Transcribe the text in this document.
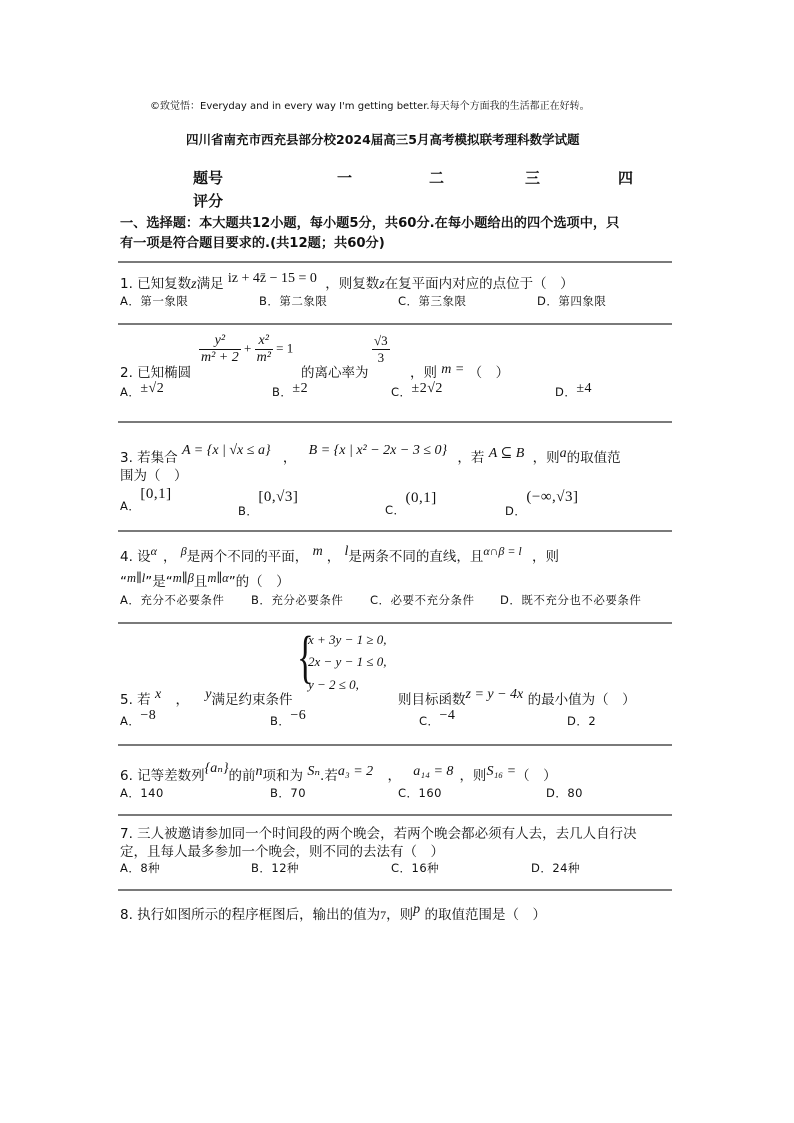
©致觉悟：Everyday and in every way I'm getting better.每天每个方面我的生活都正在好转。
四川省南充市西充县部分校2024届高三5月高考模拟联考理科数学试题
题号	一	二	三	四
评分
一、选择题：本大题共12小题，每小题5分，共60分.在每小题给出的四个选项中，只
有一项是符合题目要求的.(共12题；共60分)
1. 已知复数z满足 iz + 4z̄ − 15 = 0 ，则复数z在复平面内对应的点位于（　）
A．第一象限	B．第二象限	C．第三象限	D．第四象限
2. 已知椭圆
$\frac{\text{y²}}{\text{m² + 2}} + \frac{\text{x²}}{\text{m²}} = 1$
的离心率为
$\frac{√3}{3}$
，则 m = （　）
A．±√2	B．±2	C．±2√2	D．±4
3. 若集合 A = {x | √x ≤ a} ， B = {x | x² − 2x − 3 ≤ 0} ，若 A ⊆ B ，则a的取值范
围为（　）
A．[0,1]
B．[0,√3]
C．(0,1]
D．(−∞,√3]
4. 设α ， β是两个不同的平面， m ， l是两条不同的直线，且α∩β = l ，则
“m∥l”是“m∥β且m∥α”的（　）
A．充分不必要条件 B．充分必要条件 C．必要不充分条件 D．既不充分也不必要条件
{
x + 3y − 1 ≥ 0,
2x − y − 1 ≤ 0,
y − 2 ≤ 0,
5. 若 x ， y满足约束条件	则目标函数z = y − 4x 的最小值为（　）
A．−8	B．−6	C．−4	D．2
6. 记等差数列{aₙ}的前n项和为 Sₙ.若a₃ = 2 ， a₁₄ = 8 ，则S₁₆ =（　）
A．140	B．70	C．160	D．80
7. 三人被邀请参加同一个时间段的两个晚会，若两个晚会都必须有人去，去几人自行决
定，且每人最多参加一个晚会，则不同的去法有（　）
A．8种	B．12种	C．16种	D．24种
8. 执行如图所示的程序框图后，输出的值为7，则p 的取值范围是（　）
